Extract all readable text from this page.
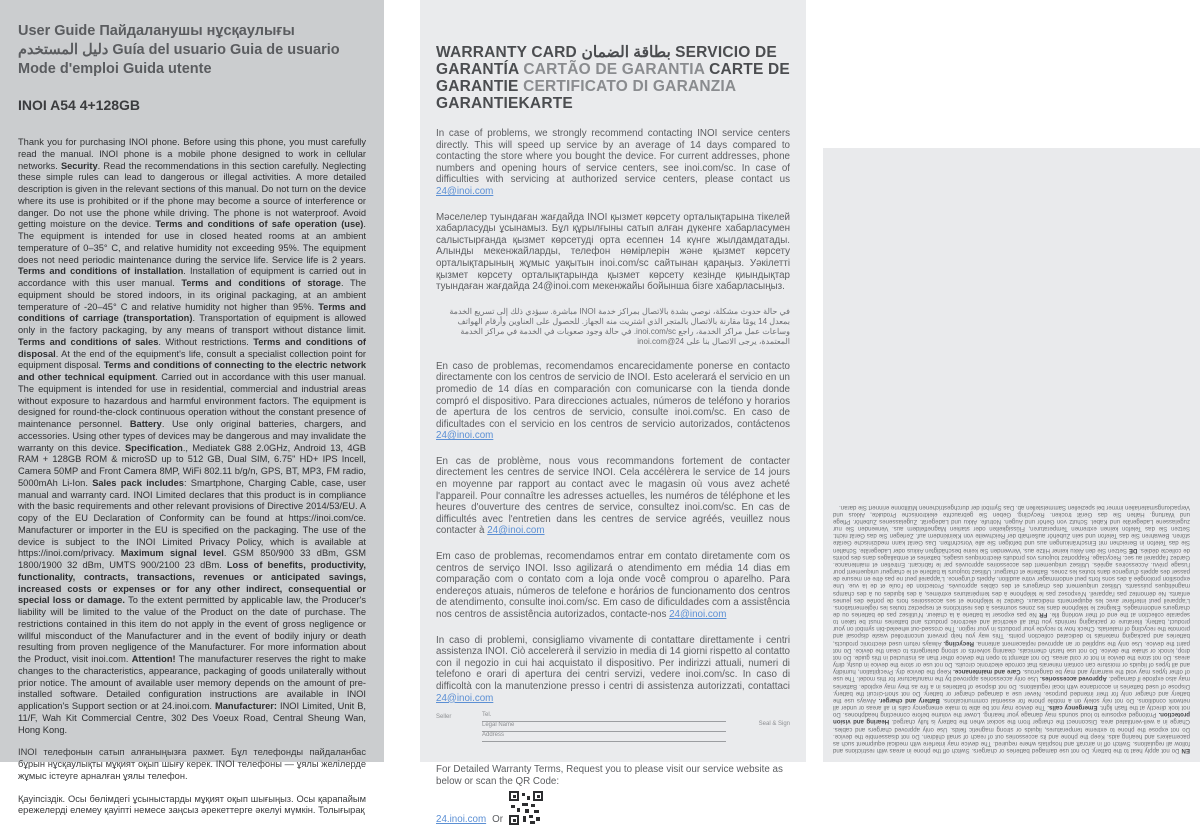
User Guide Пайдаланушы нұсқаулығы
دليل المستخدم Guía del usuario Guia de usuario
Mode d'emploi Guida utente
INOI A54 4+128GB
Thank you for purchasing INOI phone. Before using this phone, you must carefully read the manual. INOI phone is a mobile phone designed to work in cellular networks. Security. Read the recommendations in this section carefully. Neglecting these simple rules can lead to dangerous or illegal activities. A more detailed description is given in the relevant sections of this manual. Do not turn on the device where its use is prohibited or if the phone may become a source of interference or danger. Do not use the phone while driving. The phone is not waterproof. Avoid getting moisture on the device. Terms and conditions of safe operation (use). The equipment is intended for use in closed heated rooms at an ambient temperature of 0–35° C, and relative humidity not exceeding 95%. The equipment does not need periodic maintenance during the service life. Service life is 2 years. Terms and conditions of installation. Installation of equipment is carried out in accordance with this user manual. Terms and conditions of storage. The equipment should be stored indoors, in its original packaging, at an ambient temperature of -20–45° C and relative humidity not higher than 95%. Terms and conditions of carriage (transportation). Transportation of equipment is allowed only in the factory packaging, by any means of transport without distance limit. Terms and conditions of sales. Without restrictions. Terms and conditions of disposal. At the end of the equipment's life, consult a specialist collection point for equipment disposal. Terms and conditions of connecting to the electric network and other technical equipment. Carried out in accordance with this user manual. The equipment is intended for use in residential, commercial and industrial areas without exposure to hazardous and harmful environment factors. The equipment is designed for round-the-clock continuous operation without the constant presence of maintenance personnel. Battery. Use only original batteries, chargers, and accessories. Using other types of devices may be dangerous and may invalidate the warranty on this device. Specification., Mediatek G88 2.0GHz, Android 13, 4GB RAM + 128GB ROM & microSD up to 512 GB, Dual SIM, 6.75" HD+ IPS Incell, Camera 50MP and Front Camera 8MP, WiFi 802.11 b/g/n, GPS, BT, MP3, FM radio, 5000mAh Li-Ion. Sales pack includes: Smartphone, Charging Cable, case, user manual and warranty card. INOI Limited declares that this product is in compliance with the basic requirements and other relevant provisions of Directive 2014/53/EU. A copy of the EU Declaration of Conformity can be found at https://inoi.com/ce. Manufacturer or importer in the EU is specified on the packaging. The use of the device is subject to the INOI Limited Privacy Policy, which is available at https://inoi.com/privacy. Maximum signal level. GSM 850/900 33 dBm, GSM 1800/1900 32 dBm, UMTS 900/2100 23 dBm. Loss of benefits, productivity, functionality, contracts, transactions, revenues or anticipated savings, increased costs or expenses or for any other indirect, consequential or special loss or damage. To the extent permitted by applicable law, the Producer's liability will be limited to the value of the Product on the date of purchase. The restrictions contained in this item do not apply in the event of gross negligence or willful misconduct of the Manufacturer and in the event of bodily injury or death resulting from proven negligence of the Manufacturer. For more information about the Product, visit inoi.com. Attention! The manufacturer reserves the right to make changes to the characteristics, appearance, packaging of goods unilaterally without prior notice. The amount of available user memory depends on the amount of pre-installed software. Detailed configuration instructions are available in INOI application's Support section or at 24.inoi.com. Manufacturer: INOI Limited, Unit B, 11/F, Wah Kit Commercial Centre, 302 Des Voeux Road, Central Sheung Wan, Hong Kong.
INOI телефонын сатып алғаныңызға рахмет. Бұл телефонды пайдаланбас бұрын нұсқаулықты мұқият оқып шығу керек. INOI телефоны — ұялы желілерде жұмыс істеуге арналған ұялы телефон.
Қауіпсіздік. Осы бөлімдегі ұсыныстарды мұқият оқып шығыңыз. Осы қарапайым ережелерді елемеу қауіпті немесе заңсыз әрекеттерге әкелуі мүмкін. Толығырақ
WARRANTY CARD بطاقة الضمان SERVICIO DE GARANTÍA CARTÃO DE GARANTIA CARTE DE GARANTIE CERTIFICATO DI GARANZIA GARANTIEKARTE

In case of problems, we strongly recommend contacting INOI service centers directly. This will speed up service by an average of 14 days compared to contacting the store where you bought the device. For current addresses, phone numbers and opening hours of service centers, see inoi.com/sc. In case of difficulties with servicing at authorized service centers, please contact us 24@inoi.com

Мәселелер туындаған жағдайда INOI қызмет көрсету орталықтарына тікелей хабарласуды ұсынамыз. Бұл құрылғыны сатып алған дүкенге хабарласумен салыстырғанда қызмет көрсетуді орта есеппен 14 күнге жылдамдатады. Алынды мекенжайларды, телефон нөмірлерін және қызмет көрсету орталықтарының жұмыс уақытын inoi.com/sc сайтынан қараңыз. Уәкілетті қызмет көрсету орталықтарында қызмет көрсету кезінде қиындықтар туындаған жағдайда 24@inoi.com мекенжайы бойынша бізге хабарласыңыз.

في حالة حدوث مشكلة، نوصي بشدة بالاتصال بمراكز خدمة INOI مباشرة. سيؤدي ذلك إلى تسريع الخدمة بمعدل 14 يومًا مقارنة بالاتصال بالمتجر الذي اشتريت منه الجهاز. للحصول على العناوين وأرقام الهواتف وساعات عمل مراكز الخدمة، راجع inoi.com/sc. في حالة وجود صعوبات في الخدمة في مراكز الخدمة المعتمدة، يرجى الاتصال بنا على 24@inoi.com

En caso de problemas, recomendamos encarecidamente ponerse en contacto directamente con los centros de servicio de INOI. Esto acelerará el servicio en un promedio de 14 días en comparación con comunicarse con la tienda donde compró el dispositivo. Para direcciones actuales, números de teléfono y horarios de apertura de los centros de servicio, consulte inoi.com/sc. En caso de dificultades con el servicio en los centros de servicio autorizados, contáctenos 24@inoi.com

En cas de problème, nous vous recommandons fortement de contacter directement les centres de service INOI. Cela accélèrera le service de 14 jours en moyenne par rapport au contact avec le magasin où vous avez acheté l'appareil. Pour connaître les adresses actuelles, les numéros de téléphone et les heures d'ouverture des centres de service, consultez inoi.com/sc. En cas de difficultés avec l'entretien dans les centres de service agréés, veuillez nous contacter à 24@inoi.com

Em caso de problemas, recomendamos entrar em contato diretamente com os centros de serviço INOI. Isso agilizará o atendimento em média 14 dias em comparação com o contato com a loja onde você comprou o aparelho. Para endereços atuais, números de telefone e horários de funcionamento dos centros de atendimento, consulte inoi.com/sc. Em caso de dificuldades com a assistência nos centros de assistência autorizados, contacte-nos 24@inoi.com

In caso di problemi, consigliamo vivamente di contattare direttamente i centri assistenza INOI. Ciò accelererà il servizio in media di 14 giorni rispetto al contatto con il negozio in cui hai acquistato il dispositivo. Per indirizzi attuali, numeri di telefono e orari di apertura dei centri servizi, vedere inoi.com/sc. In caso di difficoltà con la manutenzione presso i centri di assistenza autorizzati, contattaci 24@inoi.com

Seller	Tel.
Legal Name
Address
Seal & Sign

For Detailed Warranty Terms, Request you to please visit our service website as below or scan the QR Code:

24.inoi.com Or

EN Do not apply heat to the battery. Do not use damaged batteries or chargers. Switch off the phone in areas with restrictions and follow all regulations. Switch off in aircraft and hospitals where required. The device may interfere with medical equipment such as pacemakers and hearing aids. Keep the phone and its accessories out of reach of small children. Do not disassemble the device. Do not expose the phone to extreme temperatures, liquids or strong magnetic fields. Use only approved chargers and cables. Charge in a well-ventilated area. Disconnect the charger from the socket when the battery is fully charged. Hearing and vision protection. Prolonged exposure to loud sounds may damage your hearing. Lower the volume before connecting headphones. Do not look directly at the flash light. Emergency calls. The device may not be able to make emergency calls in all areas or under all network conditions. Do not rely solely on a mobile phone for essential communications. Battery and charger. Always use the battery and charger only for their intended purpose. Never use a damaged charger or battery. Do not short-circuit the battery. Dispose of used batteries in accordance with local regulations. Do not dispose of batteries in a fire as they may explode. Batteries may also explode if damaged. Approved accessories. Use only accessories approved by the manufacturer for this model. The use of other types may void the warranty and may be dangerous. Care and maintenance. Keep the device dry. Precipitation, humidity and all types of liquids or moisture can contain minerals that corrode electronic circuits. Do not use or store the device in dusty, dirty areas. Do not store the device in hot or cold areas. Do not attempt to open the device other than as instructed in this guide. Do not drop, knock or shake the device. Do not use harsh chemicals, cleaning solvents or strong detergents to clean the device. Do not paint the device. Use only the supplied or an approved replacement antenna. Recycling. Always return used electronic products, batteries and packaging materials to dedicated collection points. This way you help prevent uncontrolled waste disposal and promote the recycling of materials. Check how to recycle your products in your region. The crossed-out wheeled-bin symbol on your product, battery, literature or packaging reminds you that all electrical and electronic products and batteries must be taken to separate collection at the end of their working life. FR Ne pas exposer la batterie à la chaleur. N'utilisez pas de batteries ou de chargeurs endommagés. Éteignez le téléphone dans les zones soumises à des restrictions et respectez toutes les réglementations. L'appareil peut interférer avec les équipements médicaux. Gardez le téléphone et ses accessoires hors de portée des jeunes enfants. Ne démontez pas l'appareil. N'exposez pas le téléphone à des températures extrêmes, à des liquides ou à des champs magnétiques puissants. Utilisez uniquement des chargeurs et des câbles approuvés. Protection de l'ouïe et de la vue. Une exposition prolongée à des sons forts peut endommager votre audition. Appels d'urgence. L'appareil peut ne pas être en mesure de passer des appels d'urgence dans toutes les zones. Batterie et chargeur. Utilisez toujours la batterie et le chargeur uniquement pour l'usage prévu. Accessoires agréés. Utilisez uniquement des accessoires approuvés par le fabricant. Entretien et maintenance. Gardez l'appareil au sec. Recyclage. Rapportez toujours vos produits électroniques usagés, batteries et emballages dans des points de collecte dédiés. DE Setzen Sie den Akku keiner Hitze aus. Verwenden Sie keine beschädigten Akkus oder Ladegeräte. Schalten Sie das Telefon in Bereichen mit Einschränkungen aus und befolgen Sie alle Vorschriften. Das Gerät kann medizinische Geräte stören. Bewahren Sie das Telefon und sein Zubehör außerhalb der Reichweite von Kleinkindern auf. Zerlegen Sie das Gerät nicht. Setzen Sie das Telefon keinen extremen Temperaturen, Flüssigkeiten oder starken Magnetfeldern aus. Verwenden Sie nur zugelassene Ladegeräte und Kabel. Schutz von Gehör und Augen. Notrufe. Akku und Ladegerät. Zugelassenes Zubehör. Pflege und Wartung. Halten Sie das Gerät trocken. Recycling. Geben Sie gebrauchte elektronische Produkte, Akkus und Verpackungsmaterialien immer bei speziellen Sammelstellen ab. Das Symbol der durchgestrichenen Mülltonne erinnert Sie daran.
